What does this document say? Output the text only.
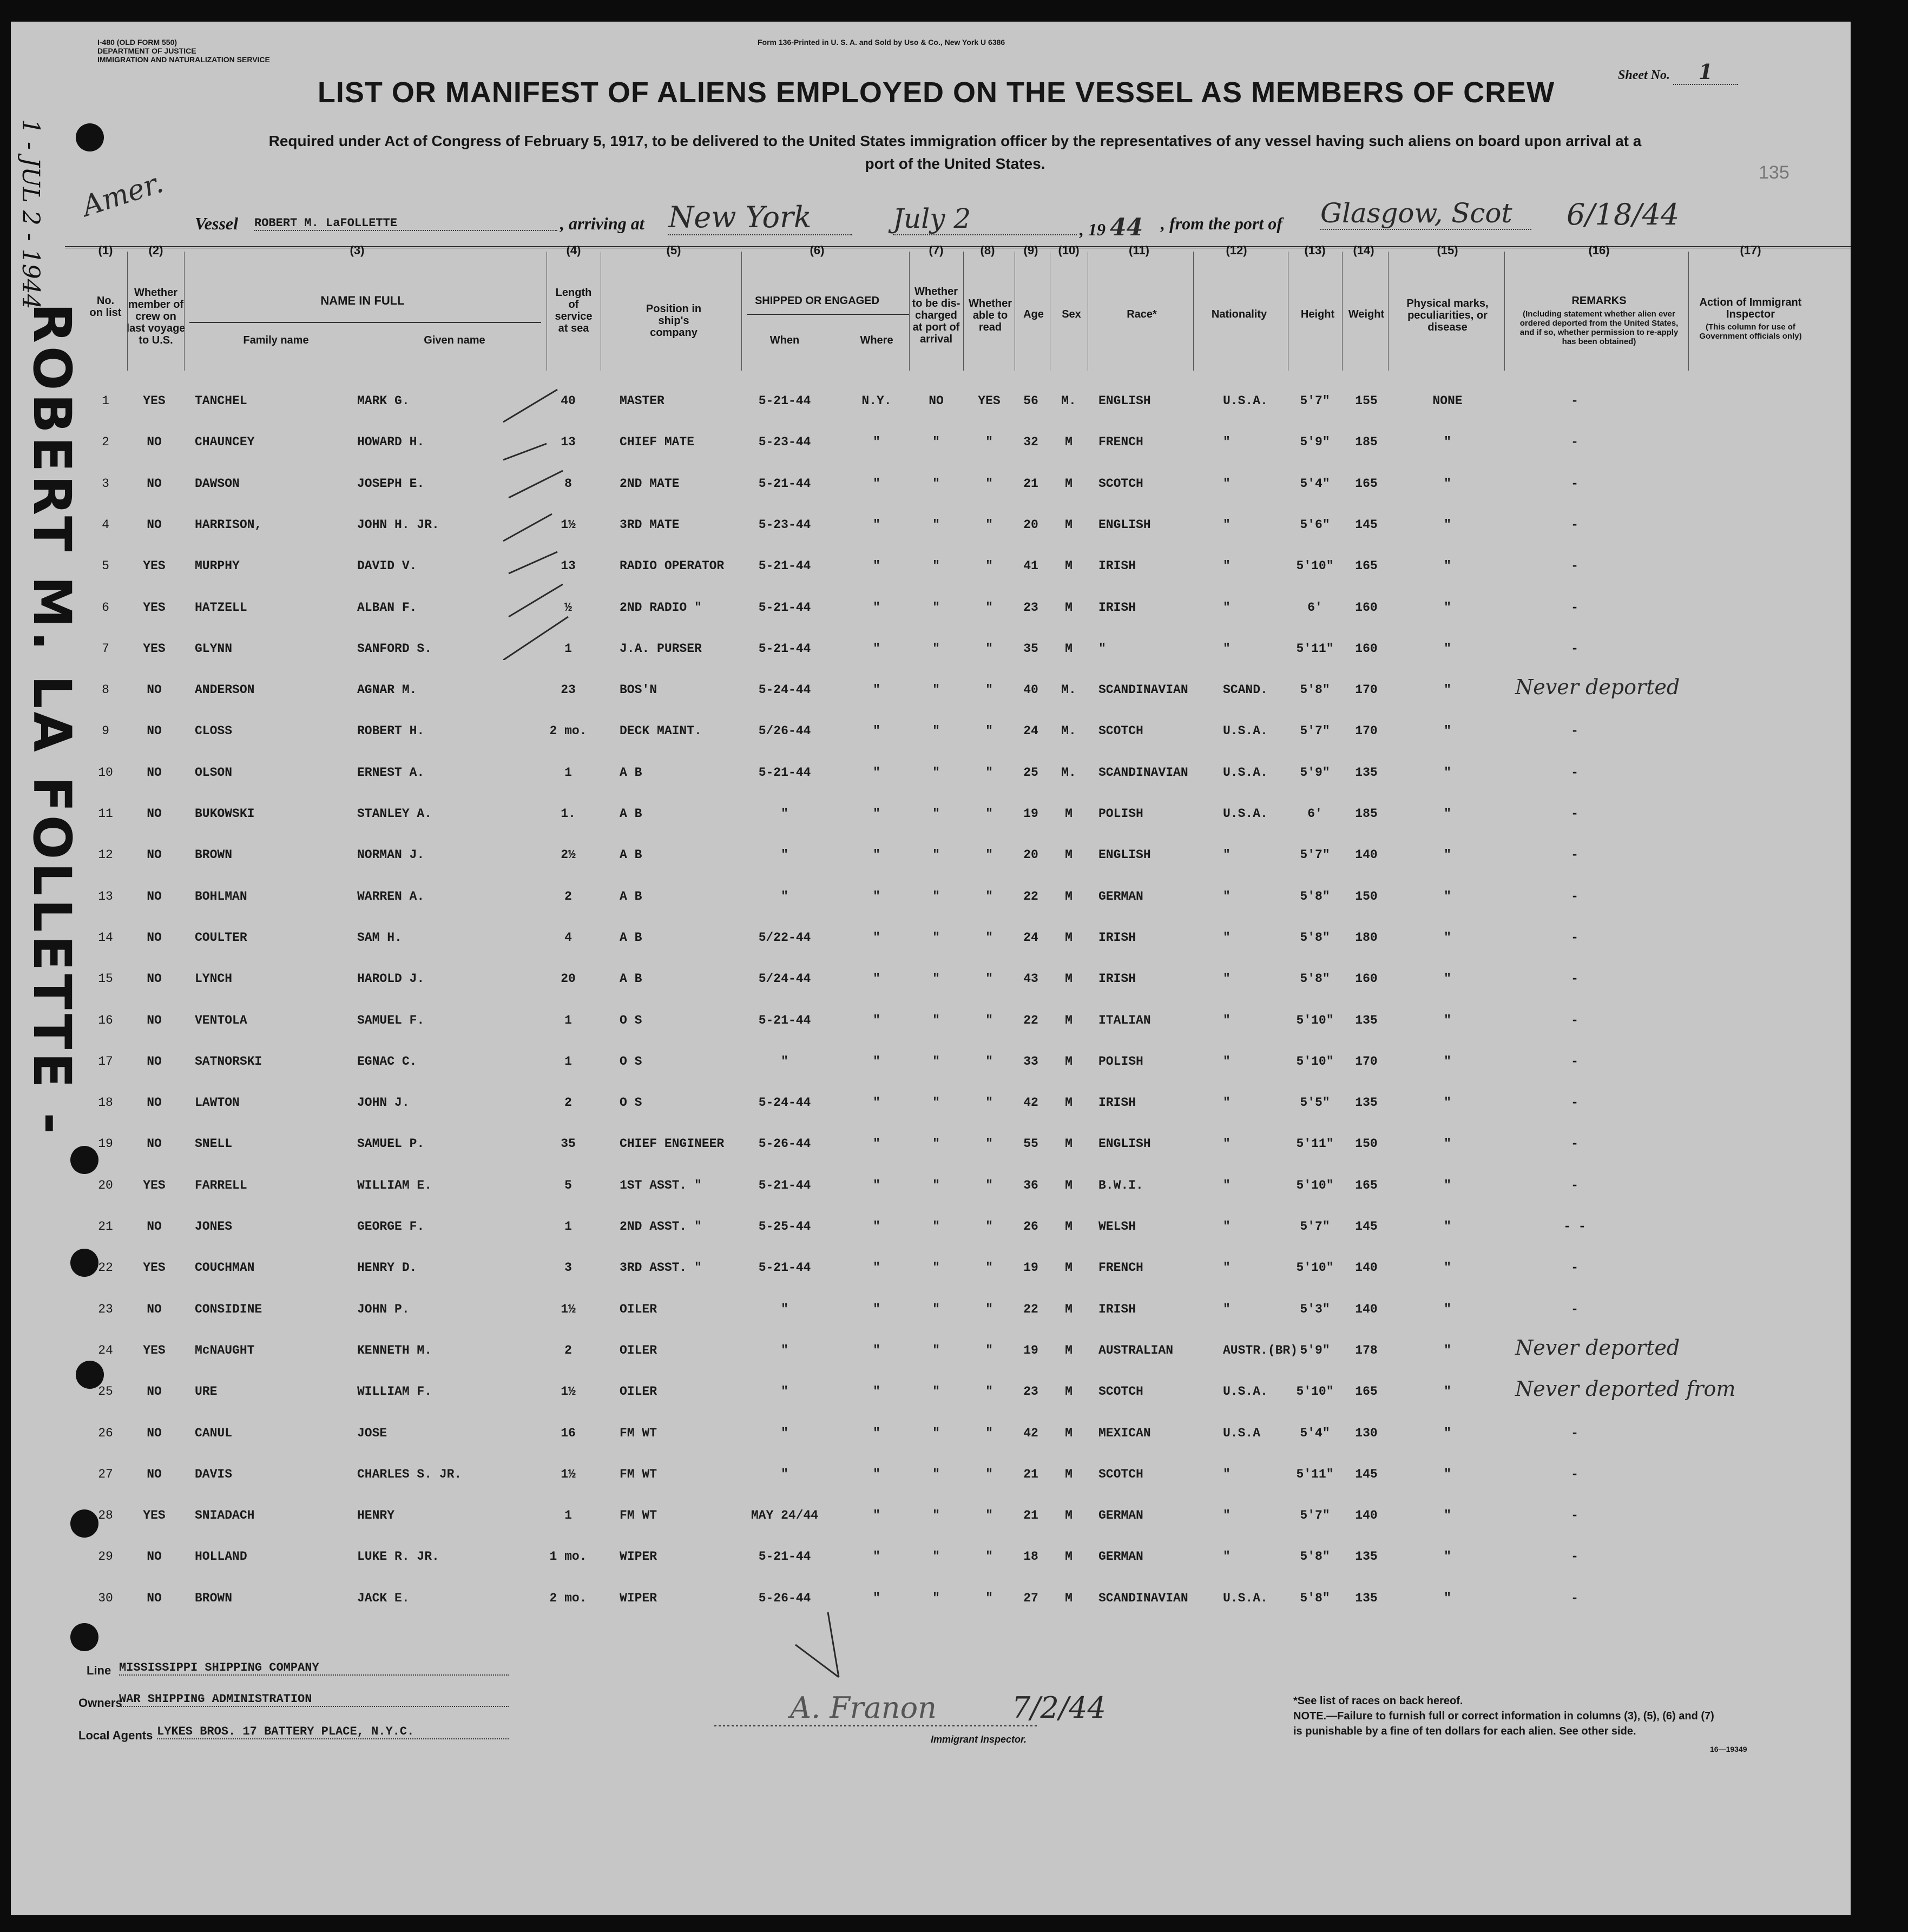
I-480 (OLD FORM 550)
DEPARTMENT OF JUSTICE
IMMIGRATION AND NATURALIZATION SERVICE
Form 136-Printed in U. S. A. and Sold by Uso & Co., New York U 6386
Sheet No. 1
LIST OR MANIFEST OF ALIENS EMPLOYED ON THE VESSEL AS MEMBERS OF CREW
Required under Act of Congress of February 5, 1917, to be delivered to the United States immigration officer by the representatives of any vessel having such aliens on board upon arrival at a
port of the United States.	135
1 - JUL 2 - 1944
ROBERT M. LA FOLLETTE -
Amer.
Vessel ROBERT M. LaFOLLETTE	, arriving at New York	July 2	, 19 44 , from the port of Glasgow, Scot	6/18/44
(1)	(2)	(3)	(4)	(5)	(6)	(7)	(8) (9) (10)	(11)	(12)	(13) (14)	(15)	(16)	(17)
No. on list
Whether member of crew on last voyage to U.S.
NAME IN FULL
Family name	Given name
Length of service at sea
Position in ship's company
SHIPPED OR ENGAGED
When	Where
Whether to be dis-charged at port of arrival
Whether able to read
Age	Sex	Race*	Nationality	Height	Weight
Physical marks, peculiarities, or disease
REMARKS
(Including statement whether alien ever ordered deported from the United States, and if so, whether permission to re-apply has been obtained)
Action of Immigrant Inspector
(This column for use of Government officials only)
1	YES TANCHEL	MARK G.	40	MASTER	5-21-44	N.Y.	NO	YES 56 M. ENGLISH	U.S.A.	5'7" 155	NONE	-
2	NO	CHAUNCEY	HOWARD H.	13	CHIEF MATE	5-23-44	"	"	" 32 M FRENCH	"	5'9" 185	"	-
3	NO	DAWSON	JOSEPH E.	8	2ND MATE	5-21-44	"	"	" 21 M SCOTCH	"	5'4" 165	"	-
4	NO	HARRISON,	JOHN H. JR.	1½	3RD MATE	5-23-44	"	"	" 20 M ENGLISH	"	5'6" 145	"	-
5	YES MURPHY	DAVID V.	13	RADIO OPERATOR	5-21-44	"	"	" 41 M IRISH	"	5'10" 165	"	-
6	YES HATZELL	ALBAN F.	½	2ND RADIO "	5-21-44	"	"	" 23 M IRISH	"	6'	160	"	-
7	YES GLYNN	SANFORD S.	1	J.A. PURSER	5-21-44	"	"	" 35 M "	"	5'11" 160	"	-
8	NO	ANDERSON	AGNAR M.	23	BOS'N	5-24-44	"	"	" 40 M. SCANDINAVIAN	SCAND.	5'8" 170	"	Never deported
9	NO	CLOSS	ROBERT H.	2 mo.	DECK MAINT.	5/26-44	"	"	" 24 M. SCOTCH	U.S.A.	5'7" 170	"	-
10	NO	OLSON	ERNEST A.	1	A B	5-21-44	"	"	" 25 M. SCANDINAVIAN	U.S.A.	5'9" 135	"	-
11	NO	BUKOWSKI	STANLEY A.	1.	A B	"	"	"	" 19 M POLISH	U.S.A.	6'	185	"	-
12	NO	BROWN	NORMAN J.	2½	A B	"	"	"	" 20 M ENGLISH	"	5'7" 140	"	-
13	NO	BOHLMAN	WARREN A.	2	A B	"	"	"	" 22 M GERMAN	"	5'8" 150	"	-
14	NO	COULTER	SAM H.	4	A B	5/22-44	"	"	" 24 M IRISH	"	5'8" 180	"	-
15	NO	LYNCH	HAROLD J.	20	A B	5/24-44	"	"	" 43 M IRISH	"	5'8" 160	"	-
16	NO	VENTOLA	SAMUEL F.	1	O S	5-21-44	"	"	" 22 M ITALIAN	"	5'10" 135	"	-
17	NO	SATNORSKI	EGNAC C.	1	O S	"	"	"	" 33 M POLISH	"	5'10" 170	"	-
18	NO	LAWTON	JOHN J.	2	O S	5-24-44	"	"	" 42 M IRISH	"	5'5" 135	"	-
19	NO	SNELL	SAMUEL P.	35	CHIEF ENGINEER	5-26-44	"	"	" 55 M ENGLISH	"	5'11" 150	"	-
20 YES FARRELL	WILLIAM E.	5	1ST ASST. "	5-21-44	"	"	" 36 M B.W.I.	"	5'10" 165	"	-
21	NO	JONES	GEORGE F.	1	2ND ASST. "	5-25-44	"	"	" 26 M WELSH	"	5'7" 145	"	- -
22 YES COUCHMAN	HENRY D.	3	3RD ASST. "	5-21-44	"	"	" 19 M FRENCH	"	5'10" 140	"	-
23	NO	CONSIDINE	JOHN P.	1½	OILER	"	"	"	" 22 M IRISH	"	5'3" 140	"	-
24 YES McNAUGHT	KENNETH M.	2	OILER	"	"	"	" 19 M AUSTRALIAN	AUSTR.(BR) 5'9" 178	"	Never deported
25	NO	URE	WILLIAM F.	1½	OILER	"	"	"	" 23 M SCOTCH	U.S.A. 5'10" 165	"	Never deported from
26	NO	CANUL	JOSE	16	FM WT	"	"	"	" 42 M MEXICAN	U.S.A	5'4" 130	"	-
27	NO	DAVIS	CHARLES S. JR.	1½	FM WT	"	"	"	" 21 M SCOTCH	"	5'11" 145	"	-
28 YES SNIADACH	HENRY	1	FM WT	MAY 24/44	"	"	" 21 M GERMAN	"	5'7" 140	"	-
29	NO	HOLLAND	LUKE R. JR.	1 mo.	WIPER	5-21-44	"	"	" 18 M GERMAN	"	5'8" 135	"	-
30	NO	BROWN	JACK E.	2 mo.	WIPER	5-26-44	"	"	" 27 M SCANDINAVIAN	U.S.A.	5'8" 135	"	-
Line MISSISSIPPI SHIPPING COMPANY
Owners
WAR SHIPPING ADMINISTRATION
Local Agents LYKES BROS. 17 BATTERY PLACE, N.Y.C.
A. Franon	7/2/44
Immigrant Inspector.
*See list of races on back hereof.
NOTE.—Failure to furnish full or correct information in columns (3), (5), (6) and (7)
is punishable by a fine of ten dollars for each alien. See other side.
16—19349
